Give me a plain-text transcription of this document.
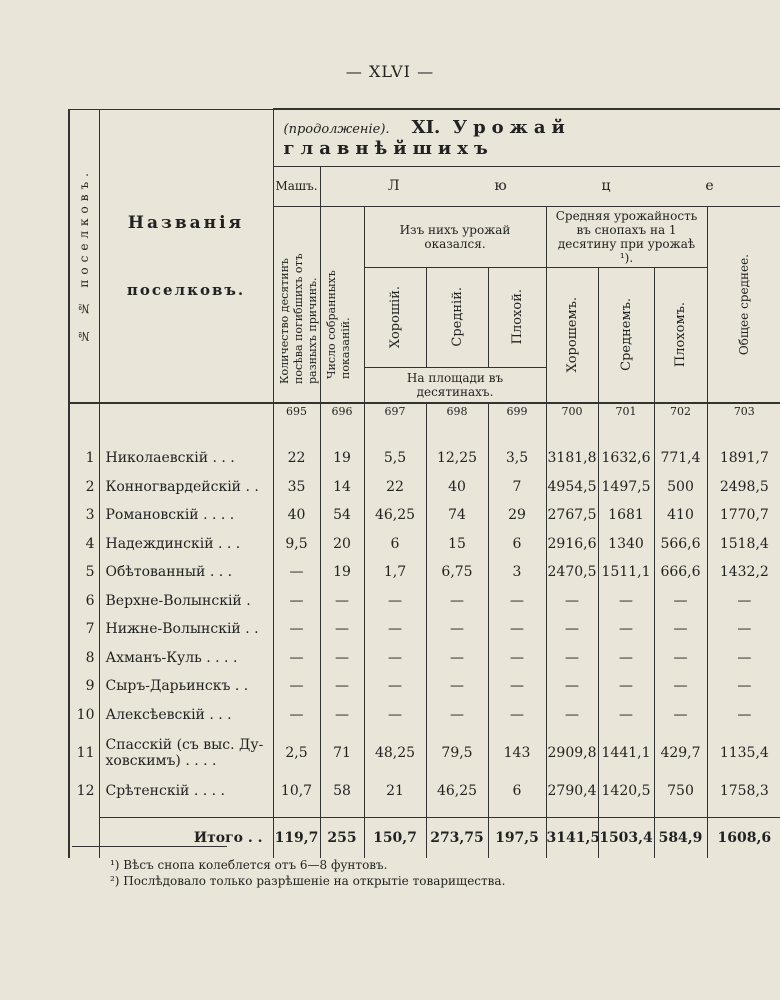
— XLVI —
№ № поселковъ.	Названія
поселковъ.	(продолженіе). XI. Урожай главнѣйшихъ								
		Машъ.	Л ю ц е							

		Количество десятинъ посѣва погибшихъ отъ разныхъ причинъ.	Число собранныхъ показаній.	Изъ нихъ урожай оказался.			Средняя урожайность въ снопахъ на 1 десятину при урожаѣ ¹).			Общее среднее.

				Хорошій.	Средній.	Плохой.	Хорошемъ.	Среднемъ.	Плохомъ.	

				На площади въ десятинахъ.						
		695	696	697	698	699	700	701	702	703

1	Николаевскій . . .	22	19	5,5	12,25	3,5	3181,8	1632,6	771,4	1891,7
2	Конногвардейскій . .	35	14	22	40	7	4954,5	1497,5	500	2498,5
3	Романовскій . . . .	40	54	46,25	74	29	2767,5	1681	410	1770,7
4	Надеждинскій . . .	9,5	20	6	15	6	2916,6	1340	566,6	1518,4
5	Обѣтованный . . .	—	19	1,7	6,75	3	2470,5	1511,1	666,6	1432,2
6	Верхне-Волынскій .	—	—	—	—	—	—	—	—	—
7	Нижне-Волынскій . .	—	—	—	—	—	—	—	—	—
8	Ахманъ-Куль . . . .	—	—	—	—	—	—	—	—	—
9	Сыръ-Дарьинскъ . .	—	—	—	—	—	—	—	—	—
10	Алексѣевскій . . .	—	—	—	—	—	—	—	—	—
11	Спасскій (съ выс. Ду-
ховскимъ) . . . .	2,5	71	48,25	79,5	143	2909,8	1441,1	429,7	1135,4
12	Срѣтенскій . . . .	10,7	58	21	46,25	6	2790,4	1420,5	750	1758,3

	Итого . .	119,7	255	150,7	273,75	197,5	3141,5	1503,4	584,9	1608,6
¹) Вѣсъ снопа колеблется отъ 6—8 фунтовъ.
²) Послѣдовало только разрѣшеніе на открытіе товарищества.
